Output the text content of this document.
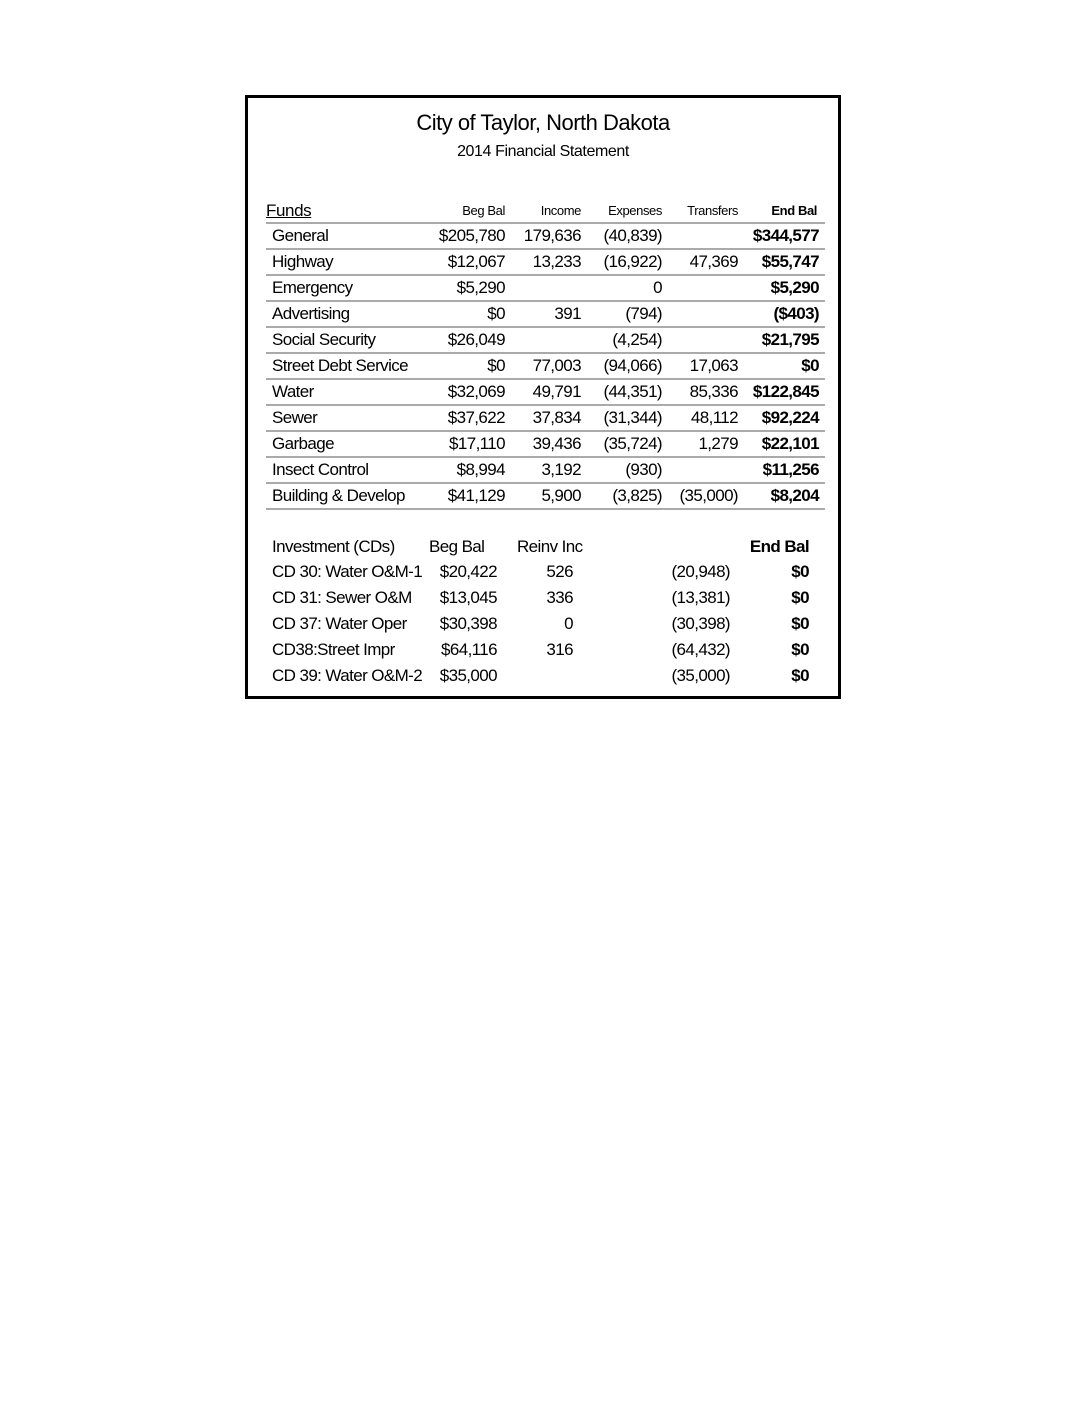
City of Taylor, North Dakota
2014 Financial Statement
Funds	Beg Bal	Income	Expenses	Transfers	End Bal
General	$205,780	179,636	(40,839)		$344,577
Highway	$12,067	13,233	(16,922)	47,369	$55,747
Emergency	$5,290		0		$5,290
Advertising	$0	391	(794)		($403)
Social Security	$26,049		(4,254)		$21,795
Street Debt Service	$0	77,003	(94,066)	17,063	$0
Water	$32,069	49,791	(44,351)	85,336	$122,845
Sewer	$37,622	37,834	(31,344)	48,112	$92,224
Garbage	$17,110	39,436	(35,724)	1,279	$22,101
Insect Control	$8,994	3,192	(930)		$11,256
Building & Develop	$41,129	5,900	(3,825)	(35,000)	$8,204
Investment (CDs)	Beg Bal	Reinv Inc			End Bal
CD 30: Water O&M-1	$20,422	526		(20,948)	$0
CD 31: Sewer O&M	$13,045	336		(13,381)	$0
CD 37: Water Oper	$30,398	0		(30,398)	$0
CD38:Street Impr	$64,116	316		(64,432)	$0
CD 39: Water O&M-2	$35,000			(35,000)	$0
